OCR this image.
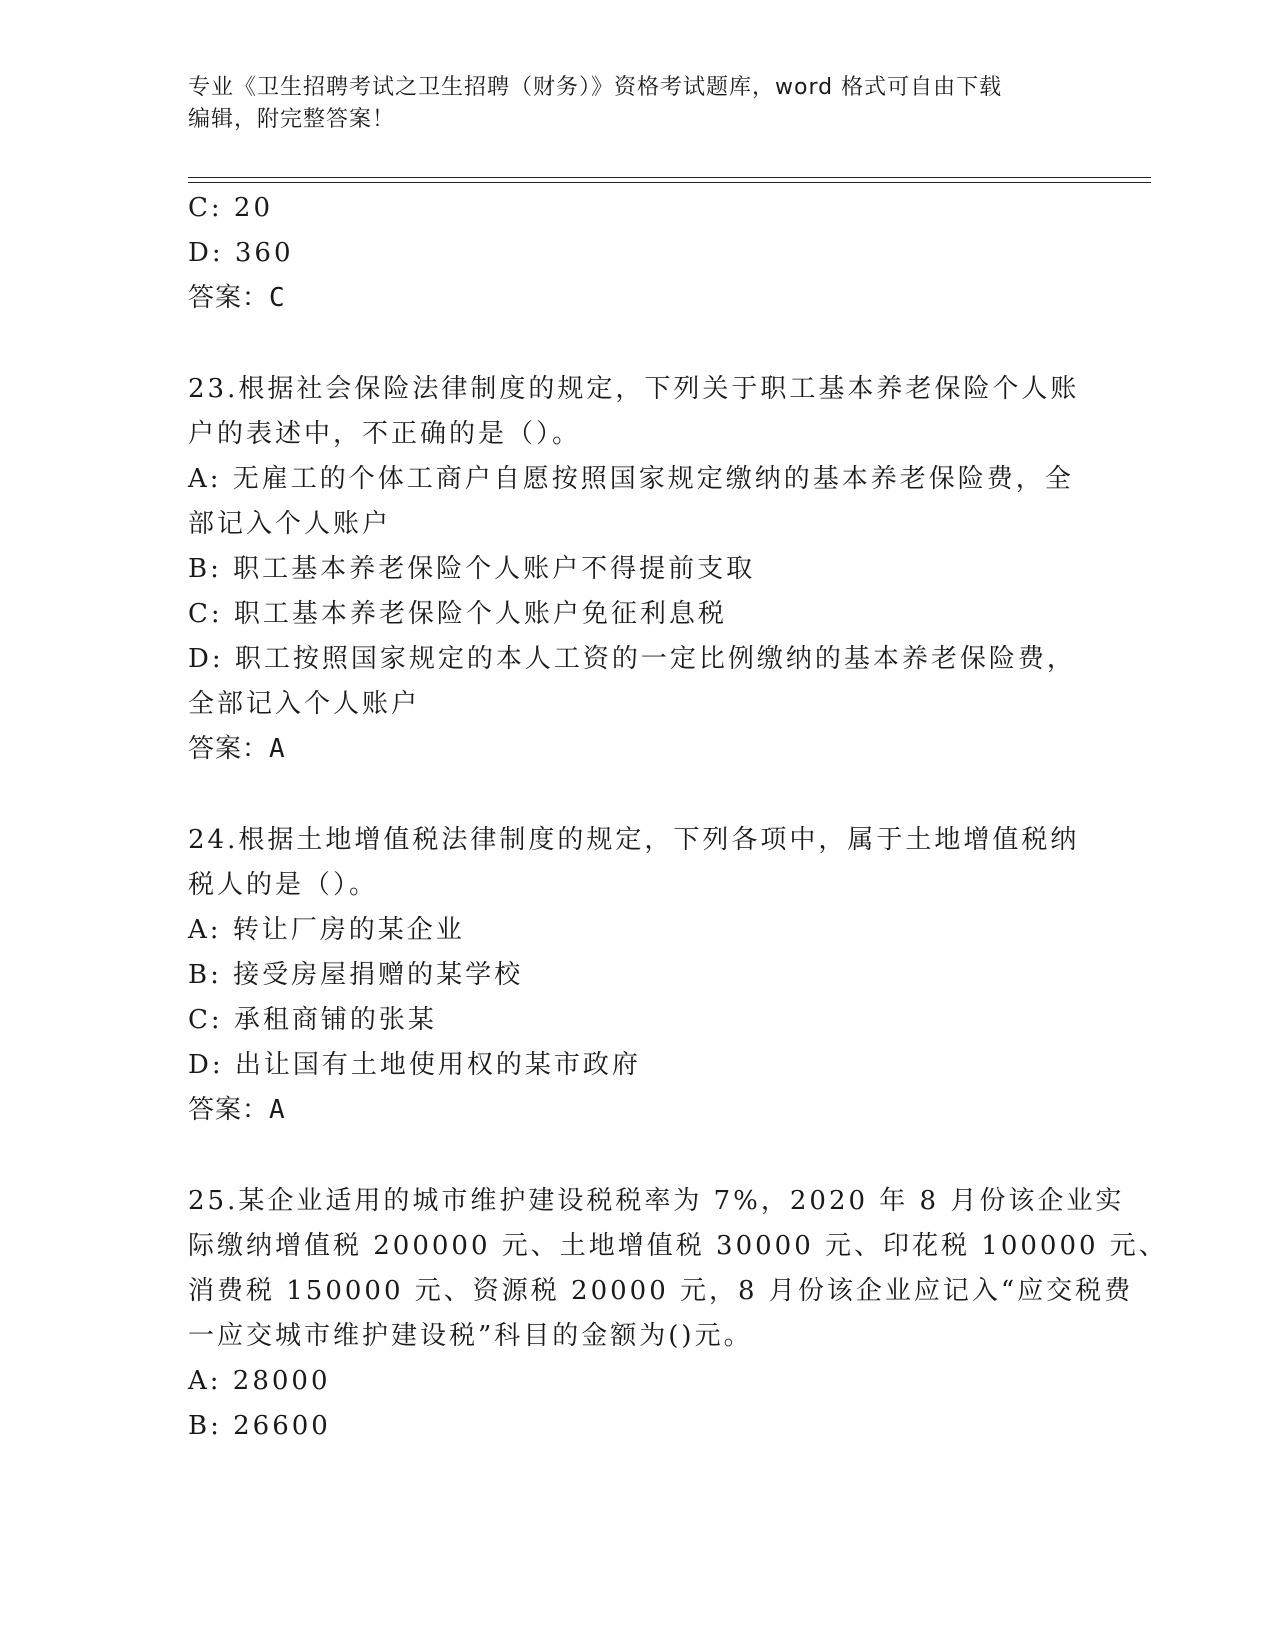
专业《卫生招聘考试之卫生招聘（财务）》资格考试题库，word 格式可自由下载
编辑，附完整答案！
C: 20
D: 360
答案：C
23.根据社会保险法律制度的规定，下列关于职工基本养老保险个人账
户的表述中，不正确的是（）。
A: 无雇工的个体工商户自愿按照国家规定缴纳的基本养老保险费，全
部记入个人账户
B: 职工基本养老保险个人账户不得提前支取
C: 职工基本养老保险个人账户免征利息税
D: 职工按照国家规定的本人工资的一定比例缴纳的基本养老保险费，
全部记入个人账户
答案：A
24.根据土地增值税法律制度的规定，下列各项中，属于土地增值税纳
税人的是（）。
A: 转让厂房的某企业
B: 接受房屋捐赠的某学校
C: 承租商铺的张某
D: 出让国有土地使用权的某市政府
答案：A
25.某企业适用的城市维护建设税税率为 7%，2020 年 8 月份该企业实
际缴纳增值税 200000 元、土地增值税 30000 元、印花税 100000 元、
消费税 150000 元、资源税 20000 元，8 月份该企业应记入“应交税费
一应交城市维护建设税”科目的金额为()元。
A: 28000
B: 26600
